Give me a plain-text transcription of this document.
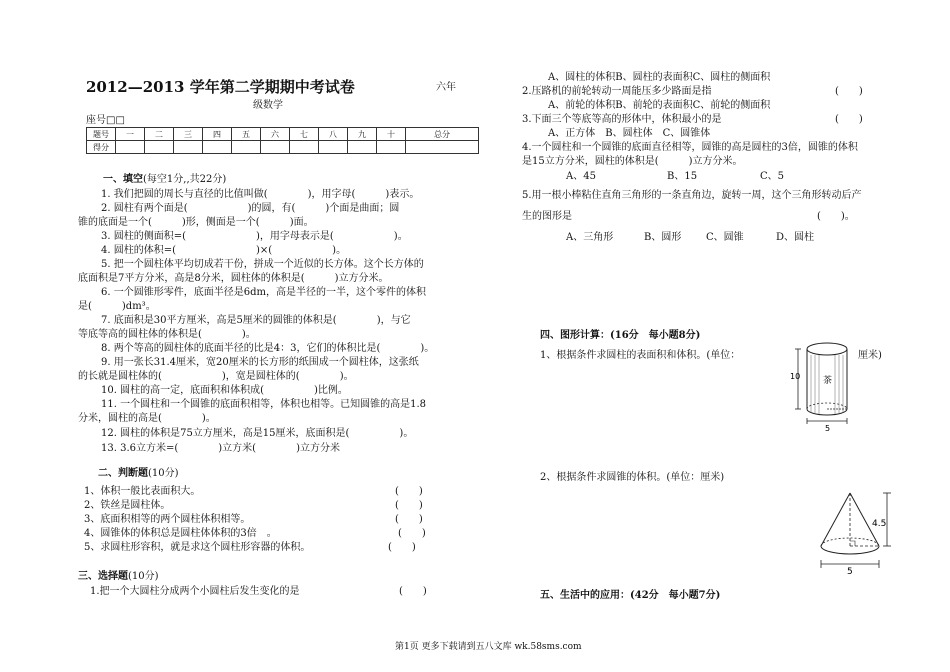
2012—2013 学年第二学期期中考试卷	六年
级数学
座号□□
题号	一	二	三	四	五	六	七	八	九	十	总分
得分											
一、填空(每空1分,,共22分)
1. 我们把圆的周长与直径的比值叫做(　　　　)，用字母(　　　)表示。
2. 圆柱有两个面是(　　　　　　)的圆，有(　　　)个面是曲面；圆
锥的底面是一个(　　　)形，侧面是一个(　　　)面。
3. 圆柱的侧面积=(　　　　　　　)，用字母表示是(　　　　　　)。
4. 圆柱的体积=(　　　　　　　　)×(　　　　　　)。
5. 把一个圆柱体平均切成若干份，拼成一个近似的长方体。这个长方体的
底面积是7平方分米，高是8分米，圆柱体的体积是(　　　)立方分米。
6. 一个圆锥形零件，底面半径是6dm，高是半径的一半，这个零件的体积
是(　　　)dm³。
7. 底面积是30平方厘米，高是5厘米的圆锥的体积是(　　　　)，与它
等底等高的圆柱体的体积是(　　　　)。
8. 两个等高的圆柱体的底面半径的比是4：3，它们的体积比是(　　　　)。
9. 用一张长31.4厘米，宽20厘米的长方形的纸围成一个圆柱体，这张纸
的长就是圆柱体的(　　　　　　)，宽是圆柱体的(　　　　)。
10. 圆柱的高一定，底面积和体积成(　　　　　)比例。
11. 一个圆柱和一个圆锥的底面积相等，体积也相等。已知圆锥的高是1.8
分米，圆柱的高是(　　　　)。
12. 圆柱的体积是75立方厘米，高是15厘米，底面积是(　　　　　)。
13. 3.6立方米=(　　　　)立方米(　　　　)立方分米
二、判断题(10分)
1、体积一般比表面积大。	(　　)
2、铁丝是圆柱体。	(　　)
3、底面积相等的两个圆柱体积相等。	(　　)
4、圆锥体的体积总是圆柱体体积的3倍　。	(　　)
5、求圆柱形容积，就是求这个圆柱形容器的体积。	(　　)
三、选择题(10分)
1.把一个大圆柱分成两个小圆柱后发生变化的是	(　　)
A、圆柱的体积B、圆柱的表面积C、圆柱的侧面积
2.压路机的前轮转动一周能压多少路面是指	(　　)
A、前轮的体积B、前轮的表面积C、前轮的侧面积
3.下面三个等底等高的形体中，体积最小的是	(　　)
A、正方体　B、圆柱体　C、圆锥体
4.一个圆柱和一个圆锥的底面直径相等，圆锥的高是圆柱的3倍，圆锥的体积
是15立方分米，圆柱的体积是(　　　)立方分米。
A、45	B、15	C、5
5.用一根小棒粘住直角三角形的一条直角边，旋转一周，这个三角形转动后产
生的图形是	(　　)。
A、三角形	B、圆形 C、圆锥	D、圆柱
四、图形计算：(16分　每小题8分)
1、根据条件求圆柱的表面积和体积。(单位：	厘米)
10
5
茶
2、根据条件求圆锥的体积。(单位：厘米)
4.5
5
五、生活中的应用：(42分　每小题7分)
第1页 更多下载请到五八文库 wk.58sms.com
